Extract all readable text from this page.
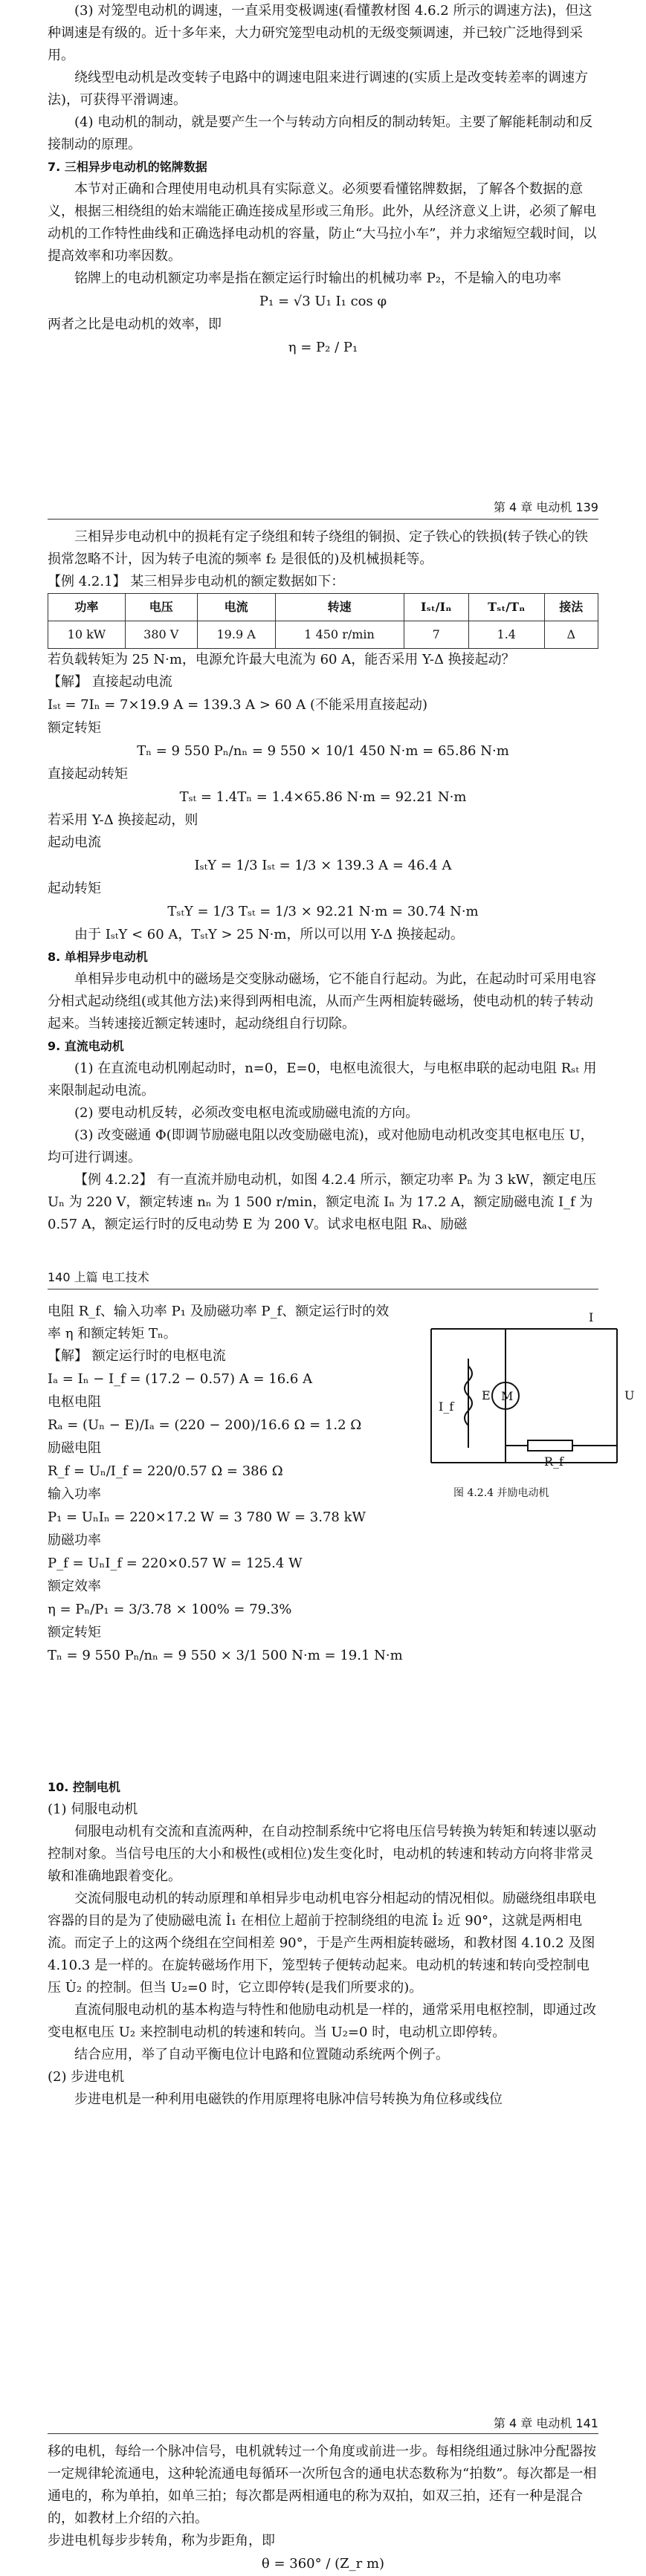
(3) 对笼型电动机的调速，一直采用变极调速(看懂教材图 4.6.2 所示的调速方法)，但这种调速是有级的。近十多年来，大力研究笼型电动机的无级变频调速，并已较广泛地得到采用。

绕线型电动机是改变转子电路中的调速电阻来进行调速的(实质上是改变转差率的调速方法)，可获得平滑调速。

(4) 电动机的制动，就是要产生一个与转动方向相反的制动转矩。主要了解能耗制动和反接制动的原理。

7. 三相异步电动机的铭牌数据

本节对正确和合理使用电动机具有实际意义。必须要看懂铭牌数据，了解各个数据的意义，根据三相绕组的始末端能正确连接成星形或三角形。此外，从经济意义上讲，必须了解电动机的工作特性曲线和正确选择电动机的容量，防止“大马拉小车”，并力求缩短空载时间，以提高效率和功率因数。

铭牌上的电动机额定功率是指在额定运行时输出的机械功率 P₂，不是输入的电功率

P₁ = √3 U₁ I₁ cos φ

两者之比是电动机的效率，即

η = P₂ / P₁
第 4 章 电动机 139

三相异步电动机中的损耗有定子绕组和转子绕组的铜损、定子铁心的铁损(转子铁心的铁损常忽略不计，因为转子电流的频率 f₂ 是很低的)及机械损耗等。

【例 4.2.1】 某三相异步电动机的额定数据如下：

功率	电压	电流	转速	Iₛₜ/Iₙ	Tₛₜ/Tₙ	接法
10 kW	380 V	19.9 A	1 450 r/min	7	1.4	Δ

若负载转矩为 25 N·m，电源允许最大电流为 60 A，能否采用 Y-Δ 换接起动？

【解】 直接起动电流

Iₛₜ = 7Iₙ = 7×19.9 A = 139.3 A > 60 A (不能采用直接起动)

额定转矩

Tₙ = 9 550 Pₙ/nₙ = 9 550 × 10/1 450 N·m = 65.86 N·m

直接起动转矩

Tₛₜ = 1.4Tₙ = 1.4×65.86 N·m = 92.21 N·m

若采用 Y-Δ 换接起动，则

起动电流

IₛₜY = 1/3 Iₛₜ = 1/3 × 139.3 A = 46.4 A

起动转矩

TₛₜY = 1/3 Tₛₜ = 1/3 × 92.21 N·m = 30.74 N·m

由于 IₛₜY < 60 A，TₛₜY > 25 N·m，所以可以用 Y-Δ 换接起动。

8. 单相异步电动机

单相异步电动机中的磁场是交变脉动磁场，它不能自行起动。为此，在起动时可采用电容分相式起动绕组(或其他方法)来得到两相电流，从而产生两相旋转磁场，使电动机的转子转动起来。当转速接近额定转速时，起动绕组自行切除。

9. 直流电动机

(1) 在直流电动机刚起动时，n=0，E=0，电枢电流很大，与电枢串联的起动电阻 Rₛₜ 用来限制起动电流。

(2) 要电动机反转，必须改变电枢电流或励磁电流的方向。

(3) 改变磁通 Φ(即调节励磁电阻以改变励磁电流)，或对他励电动机改变其电枢电压 U，均可进行调速。

【例 4.2.2】 有一直流并励电动机，如图 4.2.4 所示，额定功率 Pₙ 为 3 kW，额定电压 Uₙ 为 220 V，额定转速 nₙ 为 1 500 r/min，额定电流 Iₙ 为 17.2 A，额定励磁电流 I_f 为 0.57 A，额定运行时的反电动势 E 为 200 V。试求电枢电阻 Rₐ、励磁

140 上篇 电工技术
I
U
I_f
E M
R_f
图 4.2.4 并励电动机

电阻 R_f、输入功率 P₁ 及励磁功率 P_f、额定运行时的效率 η 和额定转矩 Tₙ。

【解】 额定运行时的电枢电流

Iₐ = Iₙ − I_f = (17.2 − 0.57) A = 16.6 A

电枢电阻

Rₐ = (Uₙ − E)/Iₐ = (220 − 200)/16.6 Ω = 1.2 Ω

励磁电阻

R_f = Uₙ/I_f = 220/0.57 Ω = 386 Ω

输入功率

P₁ = UₙIₙ = 220×17.2 W = 3 780 W = 3.78 kW

励磁功率

P_f = UₙI_f = 220×0.57 W = 125.4 W

额定效率

η = Pₙ/P₁ = 3/3.78 × 100% = 79.3%

额定转矩

Tₙ = 9 550 Pₙ/nₙ = 9 550 × 3/1 500 N·m = 19.1 N·m

10. 控制电机

(1) 伺服电动机

伺服电动机有交流和直流两种，在自动控制系统中它将电压信号转换为转矩和转速以驱动控制对象。当信号电压的大小和极性(或相位)发生变化时，电动机的转速和转动方向将非常灵敏和准确地跟着变化。

交流伺服电动机的转动原理和单相异步电动机电容分相起动的情况相似。励磁绕组串联电容器的目的是为了使励磁电流 İ₁ 在相位上超前于控制绕组的电流 İ₂ 近 90°，这就是两相电流。而定子上的这两个绕组在空间相差 90°，于是产生两相旋转磁场，和教材图 4.10.2 及图 4.10.3 是一样的。在旋转磁场作用下，笼型转子便转动起来。电动机的转速和转向受控制电压 U̇₂ 的控制。但当 U₂=0 时，它立即停转(是我们所要求的)。

直流伺服电动机的基本构造与特性和他励电动机是一样的，通常采用电枢控制，即通过改变电枢电压 U₂ 来控制电动机的转速和转向。当 U₂=0 时，电动机立即停转。

结合应用，举了自动平衡电位计电路和位置随动系统两个例子。

(2) 步进电机

步进电机是一种利用电磁铁的作用原理将电脉冲信号转换为角位移或线位

第 4 章 电动机 141

移的电机，每给一个脉冲信号，电机就转过一个角度或前进一步。每相绕组通过脉冲分配器按一定规律轮流通电，这种轮流通电每循环一次所包含的通电状态数称为“拍数”。每次都是一相通电的，称为单拍，如单三拍；每次都是两相通电的称为双拍，如双三拍，还有一种是混合的，如教材上介绍的六拍。

步进电机每步步转角，称为步距角，即

θ = 360° / (Z_r m)
